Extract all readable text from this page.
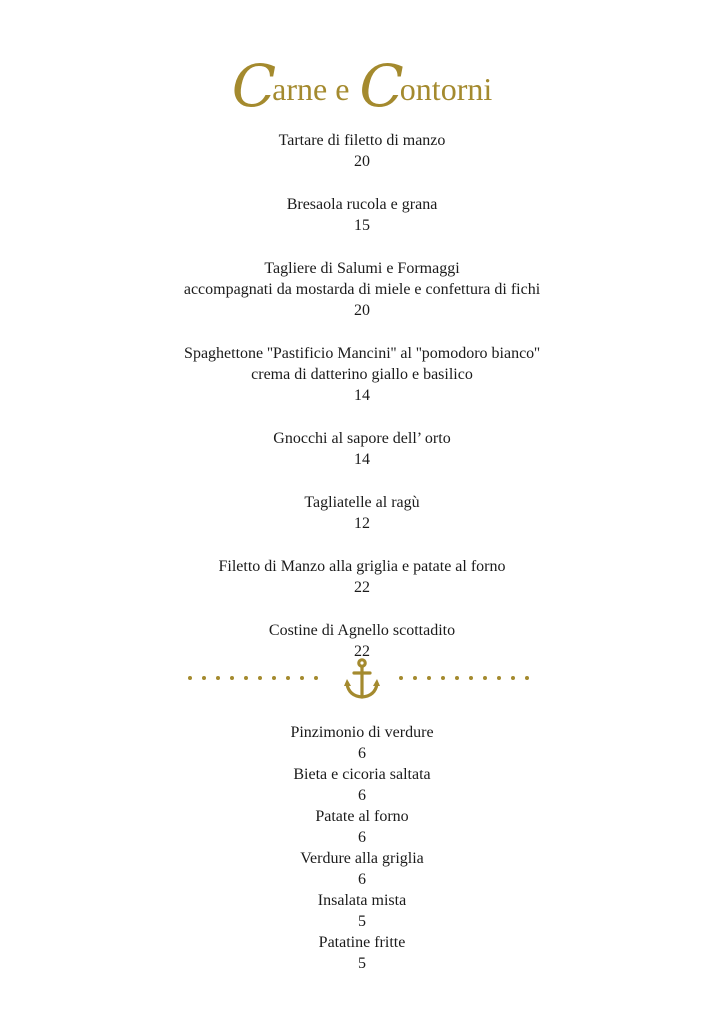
Carne e Contorni
Tartare di filetto di manzo
20
Bresaola rucola e grana
15
Tagliere di Salumi e Formaggi
accompagnati da mostarda di miele e confettura di fichi
20
Spaghettone ''Pastificio Mancini'' al ''pomodoro bianco''
crema di datterino giallo e basilico
14
Gnocchi al sapore dell’ orto
14
Tagliatelle al ragù
12
Filetto di Manzo alla griglia e patate al forno
22
Costine di Agnello scottadito
22
Pinzimonio di verdure
6
Bieta e cicoria saltata
6
Patate al forno
6
Verdure alla griglia
6
Insalata mista
5
Patatine fritte
5
